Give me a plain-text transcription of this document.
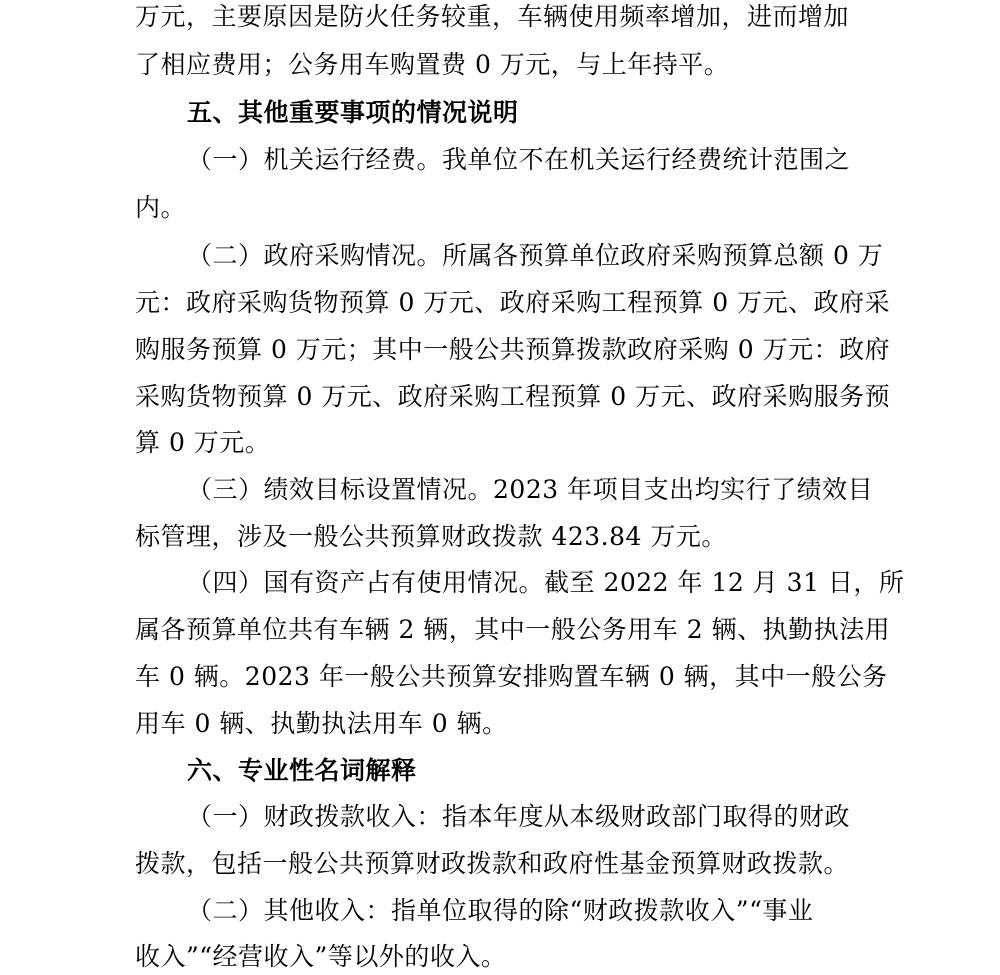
万元，主要原因是防火任务较重，车辆使用频率增加，进而增加
了相应费用；公务用车购置费 0 万元，与上年持平。
五、其他重要事项的情况说明
（一）机关运行经费。我单位不在机关运行经费统计范围之
内。
（二）政府采购情况。所属各预算单位政府采购预算总额 0 万
元：政府采购货物预算 0 万元、政府采购工程预算 0 万元、政府采
购服务预算 0 万元；其中一般公共预算拨款政府采购 0 万元：政府
采购货物预算 0 万元、政府采购工程预算 0 万元、政府采购服务预
算 0 万元。
（三）绩效目标设置情况。2023 年项目支出均实行了绩效目
标管理，涉及一般公共预算财政拨款 423.84 万元。
（四）国有资产占有使用情况。截至 2022 年 12 月 31 日，所
属各预算单位共有车辆 2 辆，其中一般公务用车 2 辆、执勤执法用
车 0 辆。2023 年一般公共预算安排购置车辆 0 辆，其中一般公务
用车 0 辆、执勤执法用车 0 辆。
六、专业性名词解释
（一）财政拨款收入：指本年度从本级财政部门取得的财政
拨款，包括一般公共预算财政拨款和政府性基金预算财政拨款。
（二）其他收入：指单位取得的除“财政拨款收入”“事业
收入”“经营收入”等以外的收入。
